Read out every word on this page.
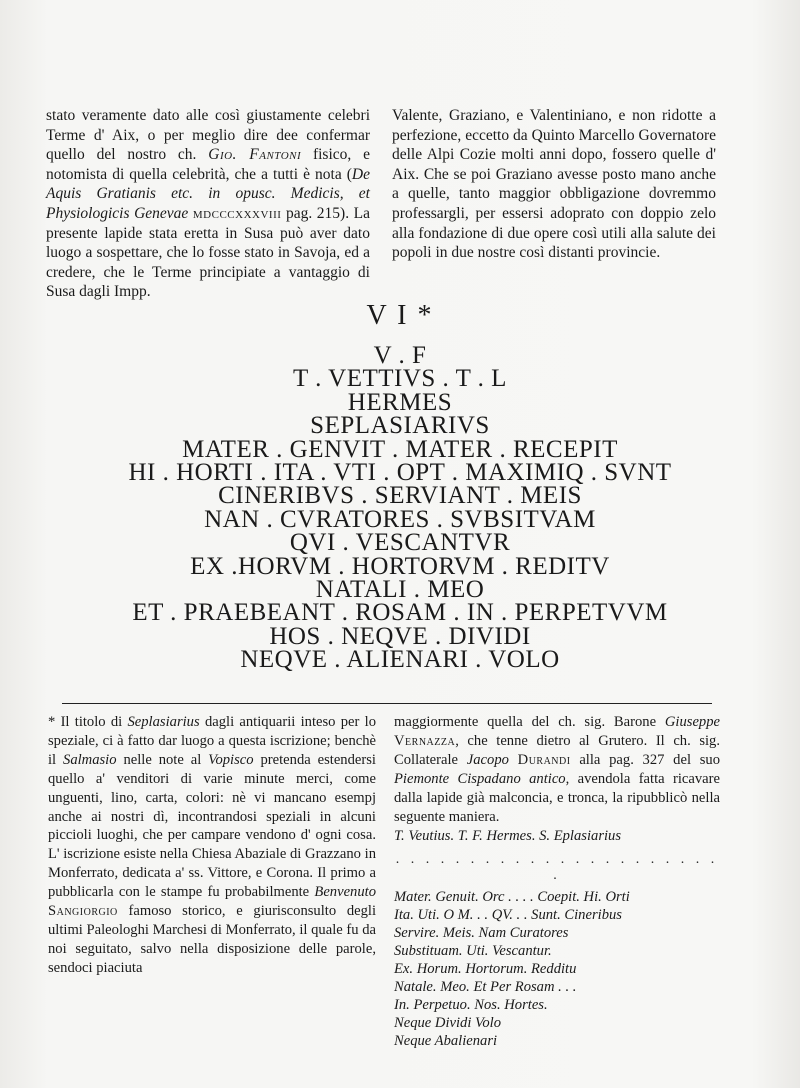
stato veramente dato alle così giustamente celebri Terme d' Aix, o per meglio dire dee confermar quello del nostro ch. Gio. Fantoni fisico, e notomista di quella celebrità, che a tutti è nota (De Aquis Gratianis etc. in opusc. Medicis, et Physiologicis Genevae mdcccxxxviii pag. 215). La presente lapide stata eretta in Susa può aver dato luogo a sospettare, che lo fosse stato in Savoja, ed a credere, che le Terme principiate a vantaggio di Susa dagli Impp.

Valente, Graziano, e Valentiniano, e non ridotte a perfezione, eccetto da Quinto Marcello Governatore delle Alpi Cozie molti anni dopo, fossero quelle d' Aix. Che se poi Graziano avesse posto mano anche a quelle, tanto maggior obbligazione dovremmo professargli, per essersi adoprato con doppio zelo alla fondazione di due opere così utili alla salute dei popoli in due nostre così distanti provincie.

V I *
V . F
T . VETTIVS . T . L
HERMES
SEPLASIARIVS
MATER . GENVIT . MATER . RECEPIT
HI . HORTI . ITA . VTI . OPT . MAXIMIQ . SVNT
CINERIBVS . SERVIANT . MEIS
NAN . CVRATORES . SVBSITVAM
QVI . VESCANTVR
EX .HORVM . HORTORVM . REDITV
NATALI . MEO
ET . PRAEBEANT . ROSAM . IN . PERPETVVM
HOS . NEQVE . DIVIDI
NEQVE . ALIENARI . VOLO

* Il titolo di Seplasiarius dagli antiquarii inteso per lo speziale, ci à fatto dar luogo a questa iscrizione; benchè il Salmasio nelle note al Vopisco pretenda estendersi quello a' venditori di varie minute merci, come unguenti, lino, carta, colori: nè vi mancano esempj anche ai nostri dì, incontrandosi speziali in alcuni piccioli luoghi, che per campare vendono d' ogni cosa. L' iscrizione esiste nella Chiesa Abaziale di Grazzano in Monferrato, dedicata a' ss. Vittore, e Corona. Il primo a pubblicarla con le stampe fu probabilmente Benvenuto Sangiorgio famoso storico, e giurisconsulto degli ultimi Paleologhi Marchesi di Monferrato, il quale fu da noi seguitato, salvo nella disposizione delle parole, sendoci piaciuta

maggiormente quella del ch. sig. Barone Giuseppe Vernazza, che tenne dietro al Grutero. Il ch. sig. Collaterale Jacopo Durandi alla pag. 327 del suo Piemonte Cispadano antico, avendola fatta ricavare dalla lapide già malconcia, e tronca, la ripubblicò nella seguente maniera.

T. Veutius. T. F. Hermes. S. Eplasiarius

. . . . . . . . . . . . . . . . . . . . . . .
Mater. Genuit. Orc . . . . Coepit. Hi. Orti
Ita. Uti. O M. . . QV. . . Sunt. Cineribus
Servire. Meis. Nam Curatores
Substituam. Uti. Vescantur.
Ex. Horum. Hortorum. Redditu
Natale. Meo. Et Per Rosam . . .
In. Perpetuo. Nos. Hortes.
Neque Dividi Volo
Neque Abalienari
